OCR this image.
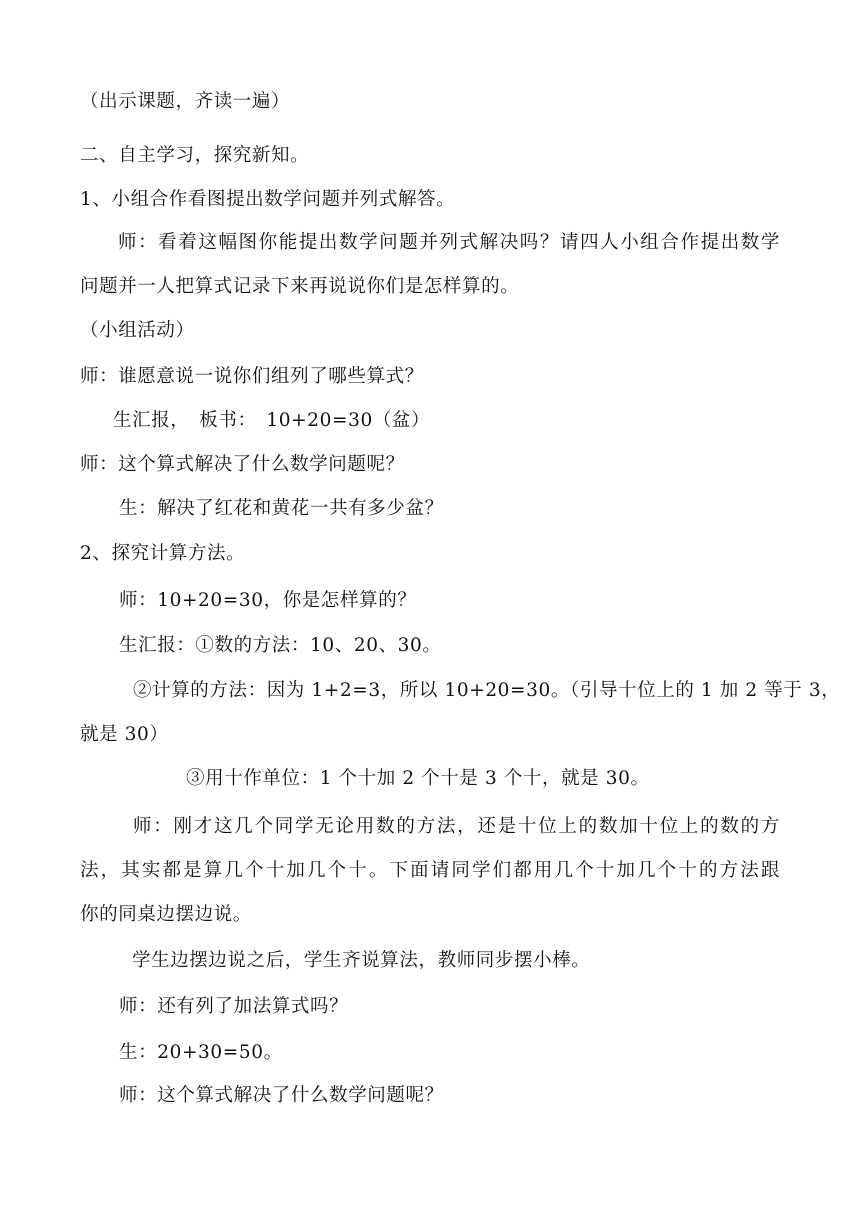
（出示课题，齐读一遍）
二、自主学习，探究新知。
1、小组合作看图提出数学问题并列式解答。
师：看着这幅图你能提出数学问题并列式解决吗？请四人小组合作提出数学
问题并一人把算式记录下来再说说你们是怎样算的。
（小组活动）
师：谁愿意说一说你们组列了哪些算式？
生汇报，　板书：　10+20=30（盆）
师：这个算式解决了什么数学问题呢？
生：解决了红花和黄花一共有多少盆？
2、探究计算方法。
师：10+20=30，你是怎样算的？
生汇报：①数的方法：10、20、30。
②计算的方法：因为 1+2=3，所以 10+20=30。（引导十位上的 1 加 2 等于 3，
就是 30）
③用十作单位：1 个十加 2 个十是 3 个十，就是 30。
师：刚才这几个同学无论用数的方法，还是十位上的数加十位上的数的方
法，其实都是算几个十加几个十。下面请同学们都用几个十加几个十的方法跟
你的同桌边摆边说。
学生边摆边说之后，学生齐说算法，教师同步摆小棒。
师：还有列了加法算式吗？
生：20+30=50。
师：这个算式解决了什么数学问题呢？
